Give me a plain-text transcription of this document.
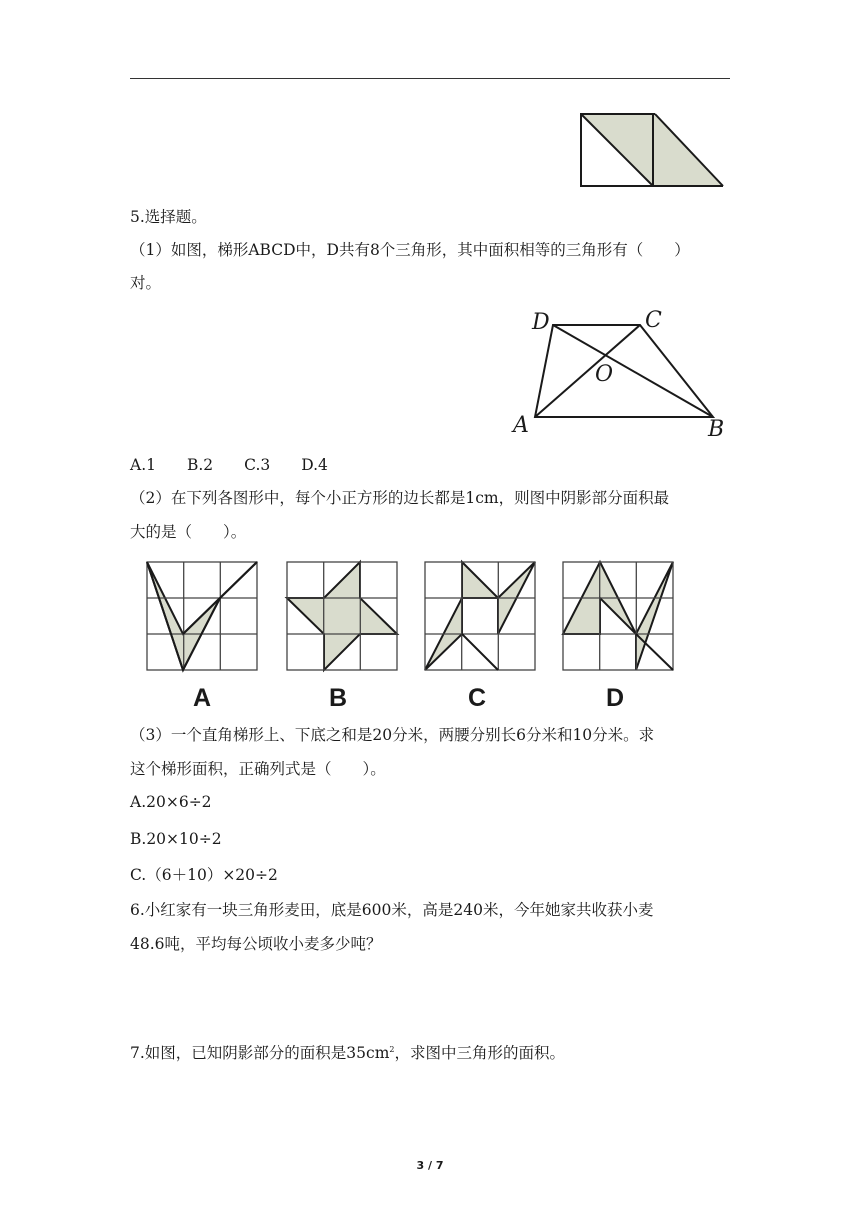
5.选择题。
（1）如图，梯形ABCD中，D共有8个三角形，其中面积相等的三角形有（　　）
对。
D	C
O
A	B
A.1　　B.2　　C.3　　D.4
（2）在下列各图形中，每个小正方形的边长都是1cm，则图中阴影部分面积最
大的是（　　）。
A	B	C	D
（3）一个直角梯形上、下底之和是20分米，两腰分别长6分米和10分米。求
这个梯形面积，正确列式是（　　）。
A.20×6÷2
B.20×10÷2
C.（6＋10）×20÷2
6.小红家有一块三角形麦田，底是600米，高是240米，今年她家共收获小麦
48.6吨，平均每公顷收小麦多少吨？
7.如图，已知阴影部分的面积是$35cm^2$，求图中三角形的面积。
3 / 7
